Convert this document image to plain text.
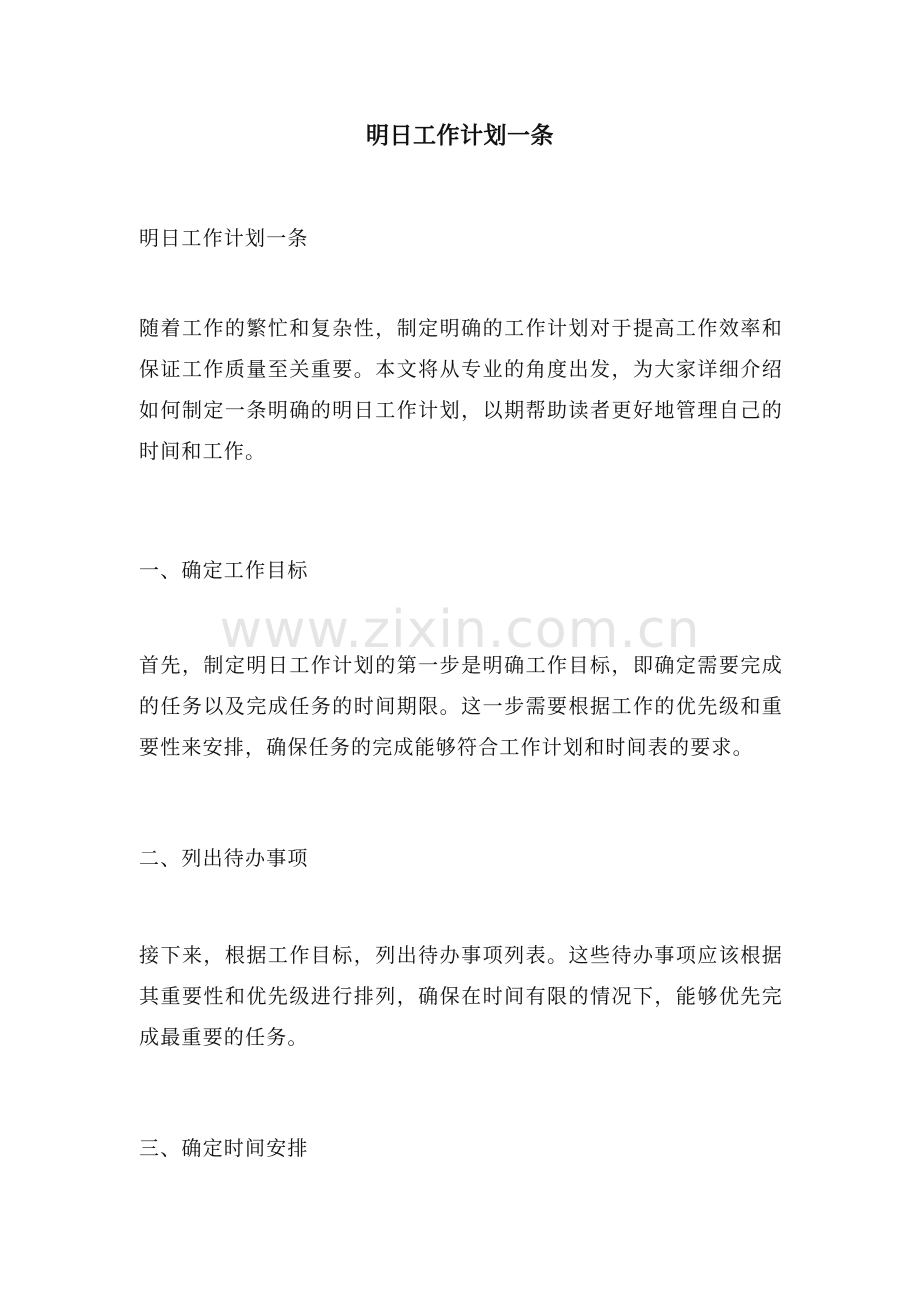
明日工作计划一条
明日工作计划一条
随着工作的繁忙和复杂性，制定明确的工作计划对于提高工作效率和保证工作质量至关重要。本文将从专业的角度出发，为大家详细介绍如何制定一条明确的明日工作计划，以期帮助读者更好地管理自己的时间和工作。
一、确定工作目标
首先，制定明日工作计划的第一步是明确工作目标，即确定需要完成的任务以及完成任务的时间期限。这一步需要根据工作的优先级和重要性来安排，确保任务的完成能够符合工作计划和时间表的要求。
二、列出待办事项
接下来，根据工作目标，列出待办事项列表。这些待办事项应该根据其重要性和优先级进行排列，确保在时间有限的情况下，能够优先完成最重要的任务。
三、确定时间安排
www.zixin.com.cn
